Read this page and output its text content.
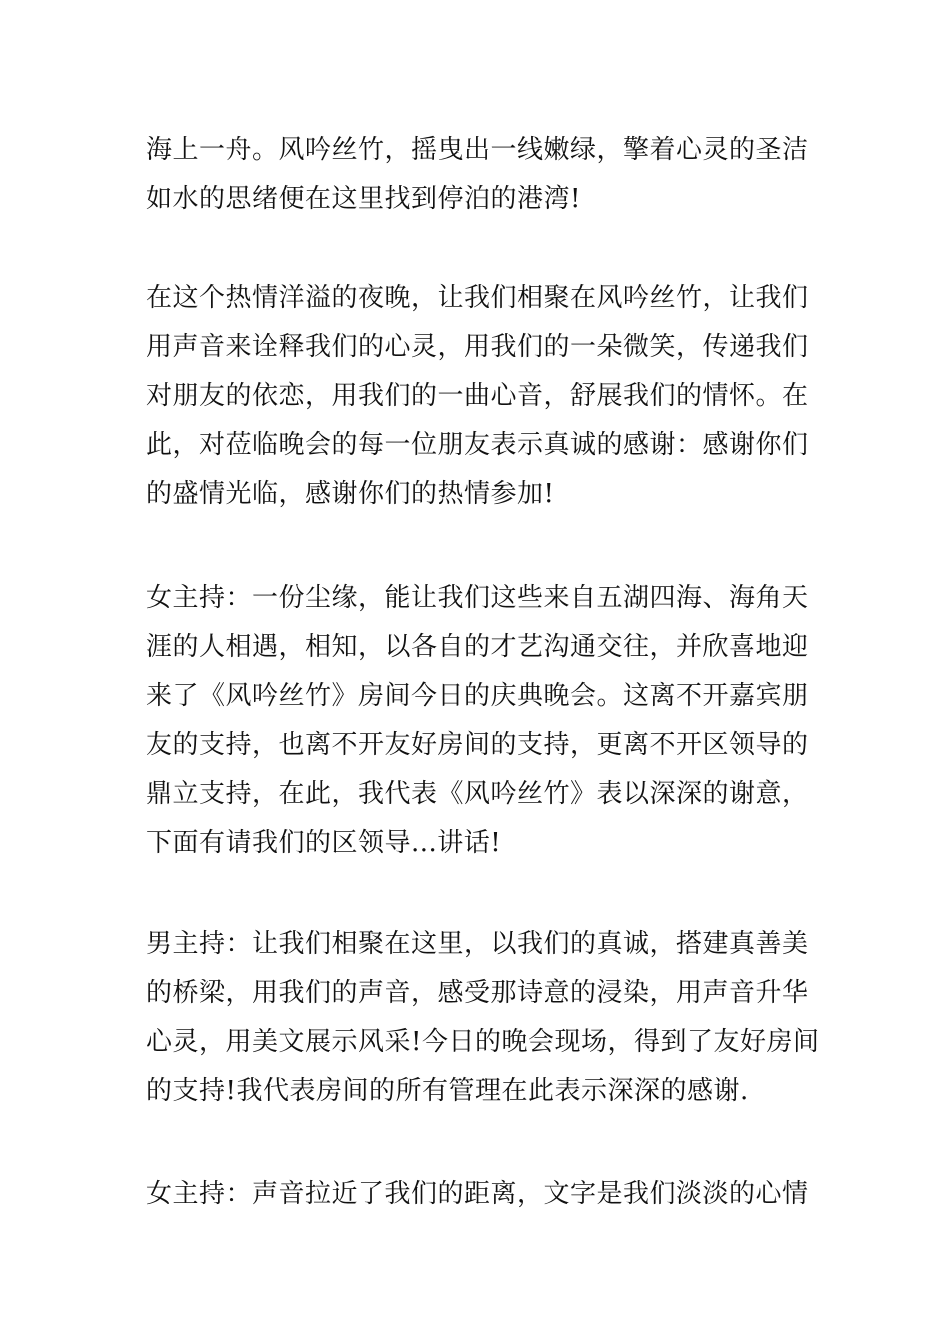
海上一舟。风吟丝竹，摇曳出一线嫩绿，擎着心灵的圣洁
如水的思绪便在这里找到停泊的港湾!
在这个热情洋溢的夜晚，让我们相聚在风吟丝竹，让我们
用声音来诠释我们的心灵，用我们的一朵微笑，传递我们
对朋友的依恋，用我们的一曲心音，舒展我们的情怀。在
此，对莅临晚会的每一位朋友表示真诚的感谢：感谢你们
的盛情光临，感谢你们的热情参加!
女主持：一份尘缘，能让我们这些来自五湖四海、海角天
涯的人相遇，相知，以各自的才艺沟通交往，并欣喜地迎
来了《风吟丝竹》房间今日的庆典晚会。这离不开嘉宾朋
友的支持，也离不开友好房间的支持，更离不开区领导的
鼎立支持，在此，我代表《风吟丝竹》表以深深的谢意，
下面有请我们的区领导...讲话!
男主持：让我们相聚在这里，以我们的真诚，搭建真善美
的桥梁，用我们的声音，感受那诗意的浸染，用声音升华
心灵，用美文展示风采!今日的晚会现场，得到了友好房间
的支持!我代表房间的所有管理在此表示深深的感谢.
女主持：声音拉近了我们的距离，文字是我们淡淡的心情
